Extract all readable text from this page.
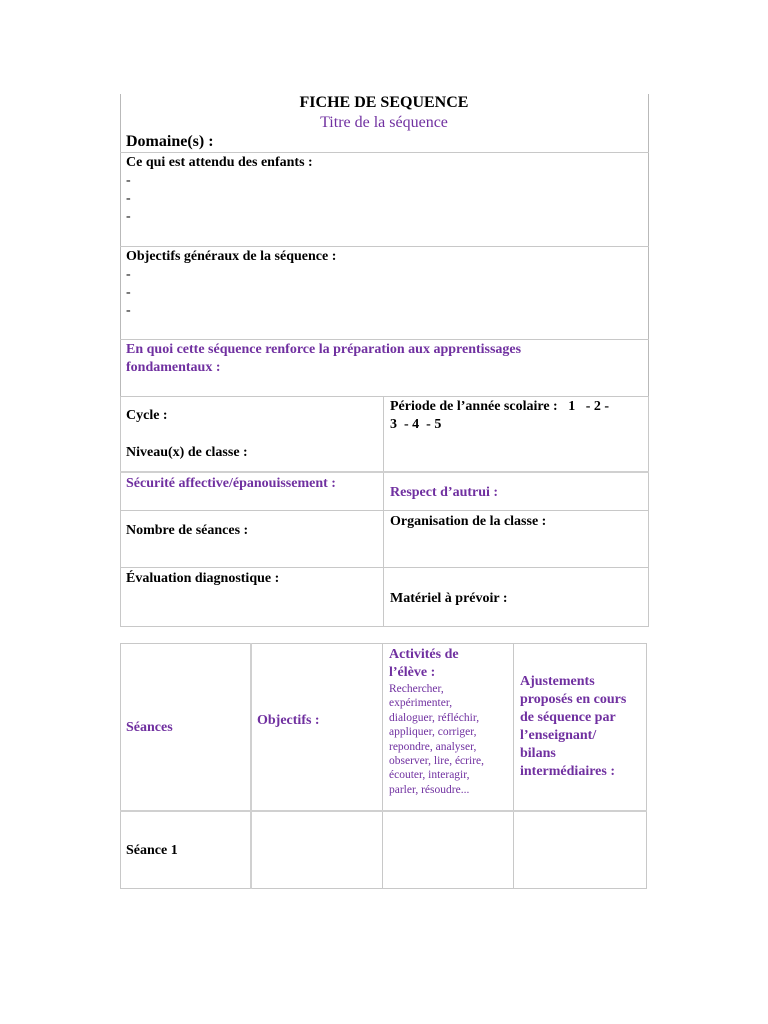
FICHE DE SEQUENCE
Titre de la séquence
Domaine(s) :
Ce qui est attendu des enfants :
-
-
-
Objectifs généraux de la séquence :
-
-
-
En quoi cette séquence renforce la préparation aux apprentissages
fondamentaux :
Cycle :
Niveau(x) de classe :
Période de l’année scolaire :   1   - 2 -
3  - 4  - 5
Sécurité affective/épanouissement :
Respect d’autrui :
Nombre de séances :
Organisation de la classe :
Évaluation diagnostique :
Matériel à prévoir :
Séances	Objectifs :
Activités de
l’élève :
Rechercher,
expérimenter,
dialoguer, réfléchir,
appliquer, corriger,
repondre, analyser,
observer, lire, écrire,
écouter, interagir,
parler, résoudre...
Ajustements
proposés en cours
de séquence par
l’enseignant/
bilans
intermédiaires :
Séance 1
